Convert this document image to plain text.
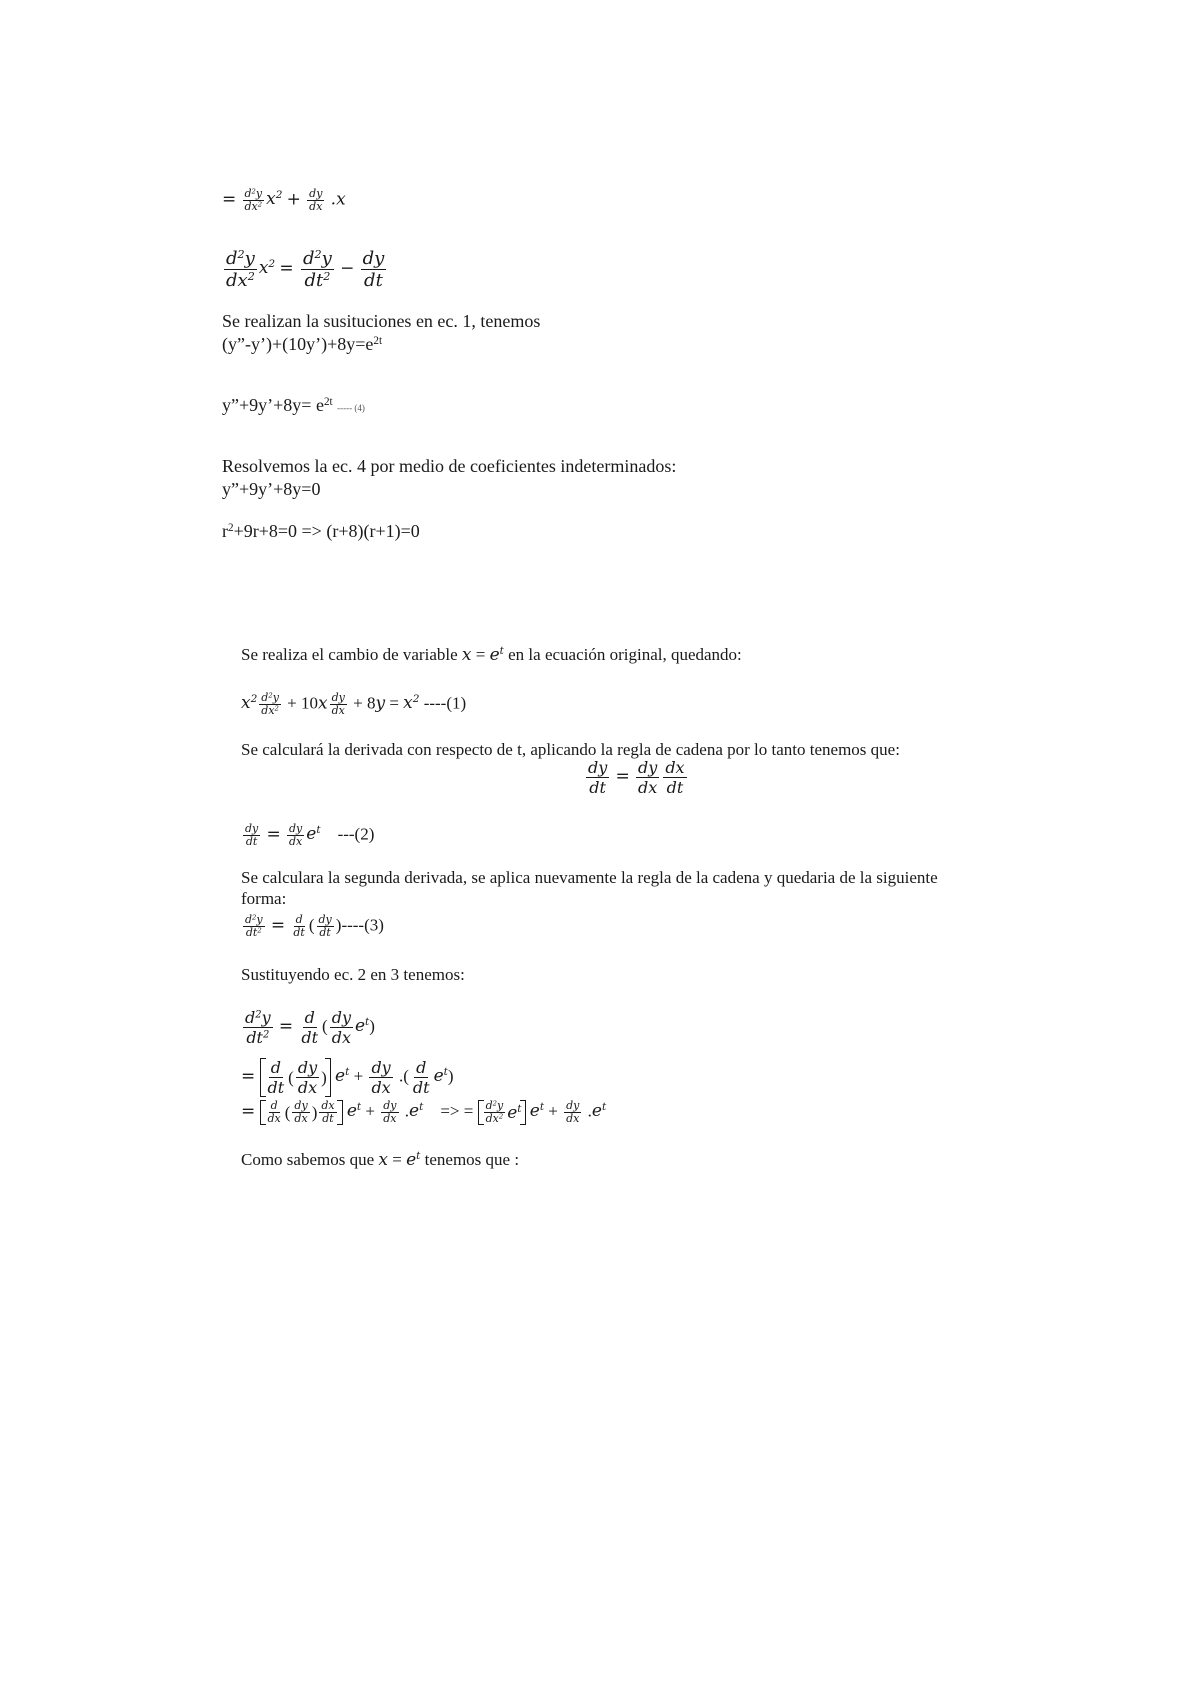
= $\frac{d^2y}{dx^2} x^2 + \frac{dy}{dx} .x$
$\frac{d^2y}{dx^2} x^2 = \frac{d^2y}{dt^2} - \frac{dy}{dt}$
Se realizan la susituciones en ec. 1, tenemos
$(y”-y’)+(10y’)+8y=e^{2t}$
y”+9y’+8y= $e^{2t}$ ----- (4)
Resolvemos la ec. 4 por medio de coeficientes indeterminados:
y”+9y’+8y=0
$r^2+9r+8=0 => (r+8)(r+1)=0$
Se realiza el cambio de variable $x = e^t$ en la ecuación original, quedando:
$x^2 \frac{d^2y}{dx^2} + 10x \frac{dy}{dx} + 8y = x^2$ ----(1)
Se calculará la derivada con respecto de t, aplicando la regla de cadena por lo tanto tenemos que:
$\frac{dy}{dt} = \frac{dy}{dx} \frac{dx}{dt}$
$\frac{dy}{dt} = \frac{dy}{dx} e^t$ ---(2)
Se calculara la segunda derivada, se aplica nuevamente la regla de la cadena y quedaria de la siguiente
forma:
$\frac{d^2y}{dt^2} = \frac{d}{dt}$ ( $\frac{dy}{dt} )----(3)$
Sustituyendo ec. 2 en 3 tenemos:
$\frac{d^2y}{dt^2} = \frac{d}{dt}$ ( $\frac{dy}{dx} e^t$)
= $\frac{d}{dt}$ ( $\frac{dy}{dx}$ ) $e^t + \frac{dy}{dx}$ .( $\frac{d}{dt} e^t$)
= $\frac{d}{dx}$ ( $\frac{dy}{dx}$ ) $\frac{dx}{dt} e^t + \frac{dy}{dx} .e^t$ => = $\frac{d^2y}{dx^2} e^t$ $e^t + \frac{dy}{dx} .e^t$
Como sabemos que $x = e^t$ tenemos que :
